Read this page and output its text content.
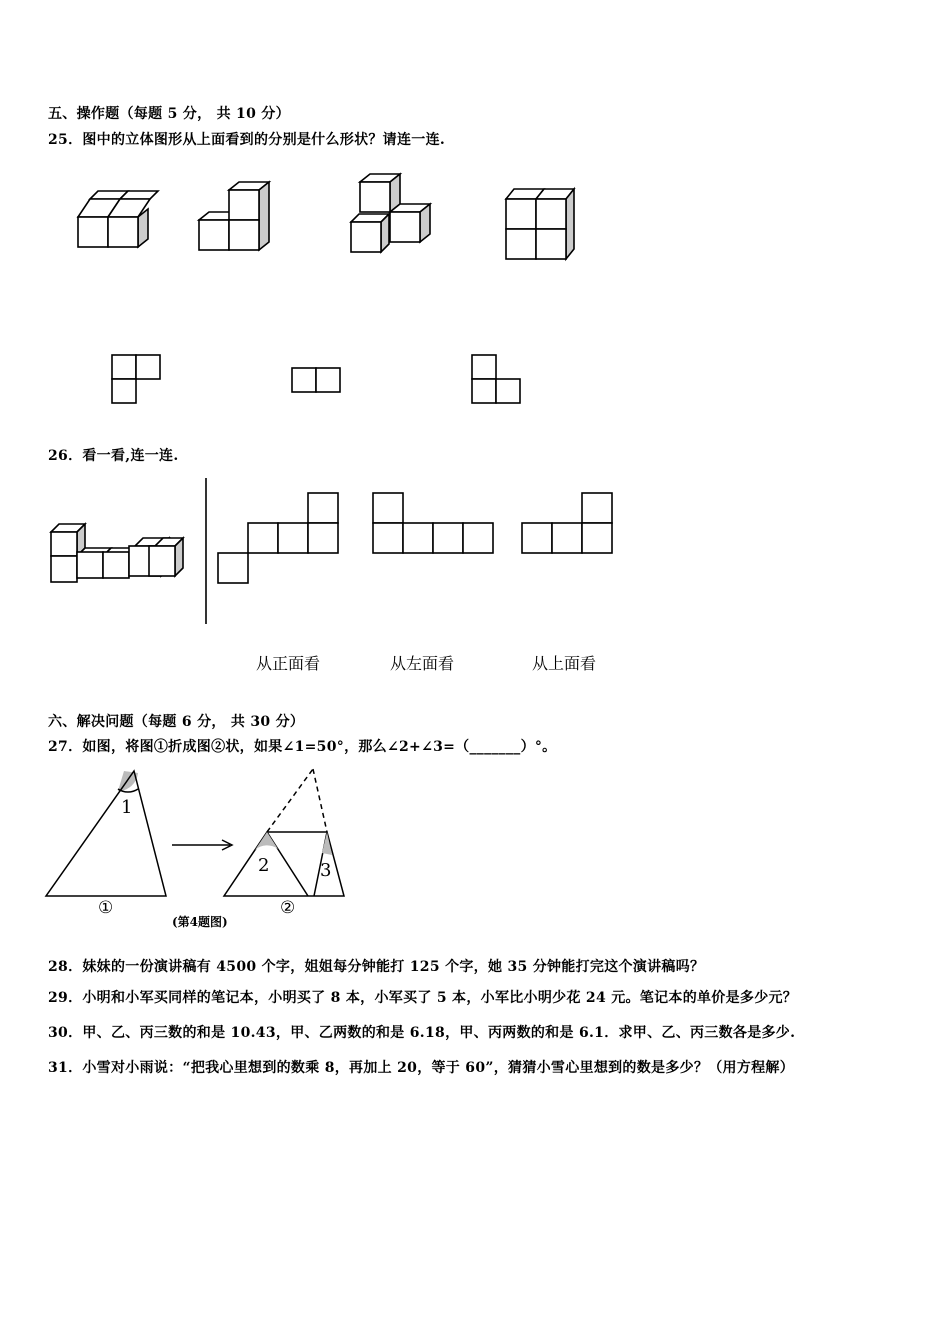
五、操作题（每题 5 分， 共 10 分）
25．图中的立体图形从上面看到的分别是什么形状？请连一连.
26．看一看,连一连.
从正面看	从左面看	从上面看
六、解决问题（每题 6 分， 共 30 分）
27．如图，将图①折成图②状，如果∠1=50°，那么∠2+∠3=（_______）°。
1
2	3
①	②
(第4题图)
28．妹妹的一份演讲稿有 4500 个字，姐姐每分钟能打 125 个字，她 35 分钟能打完这个演讲稿吗？
29．小明和小军买同样的笔记本，小明买了 8 本，小军买了 5 本，小军比小明少花 24 元。笔记本的单价是多少元？
30．甲、乙、丙三数的和是 10.43，甲、乙两数的和是 6.18，甲、丙两数的和是 6.1．求甲、乙、丙三数各是多少.
31．小雪对小雨说：“把我心里想到的数乘 8，再加上 20，等于 60”，猜猜小雪心里想到的数是多少？（用方程解）
